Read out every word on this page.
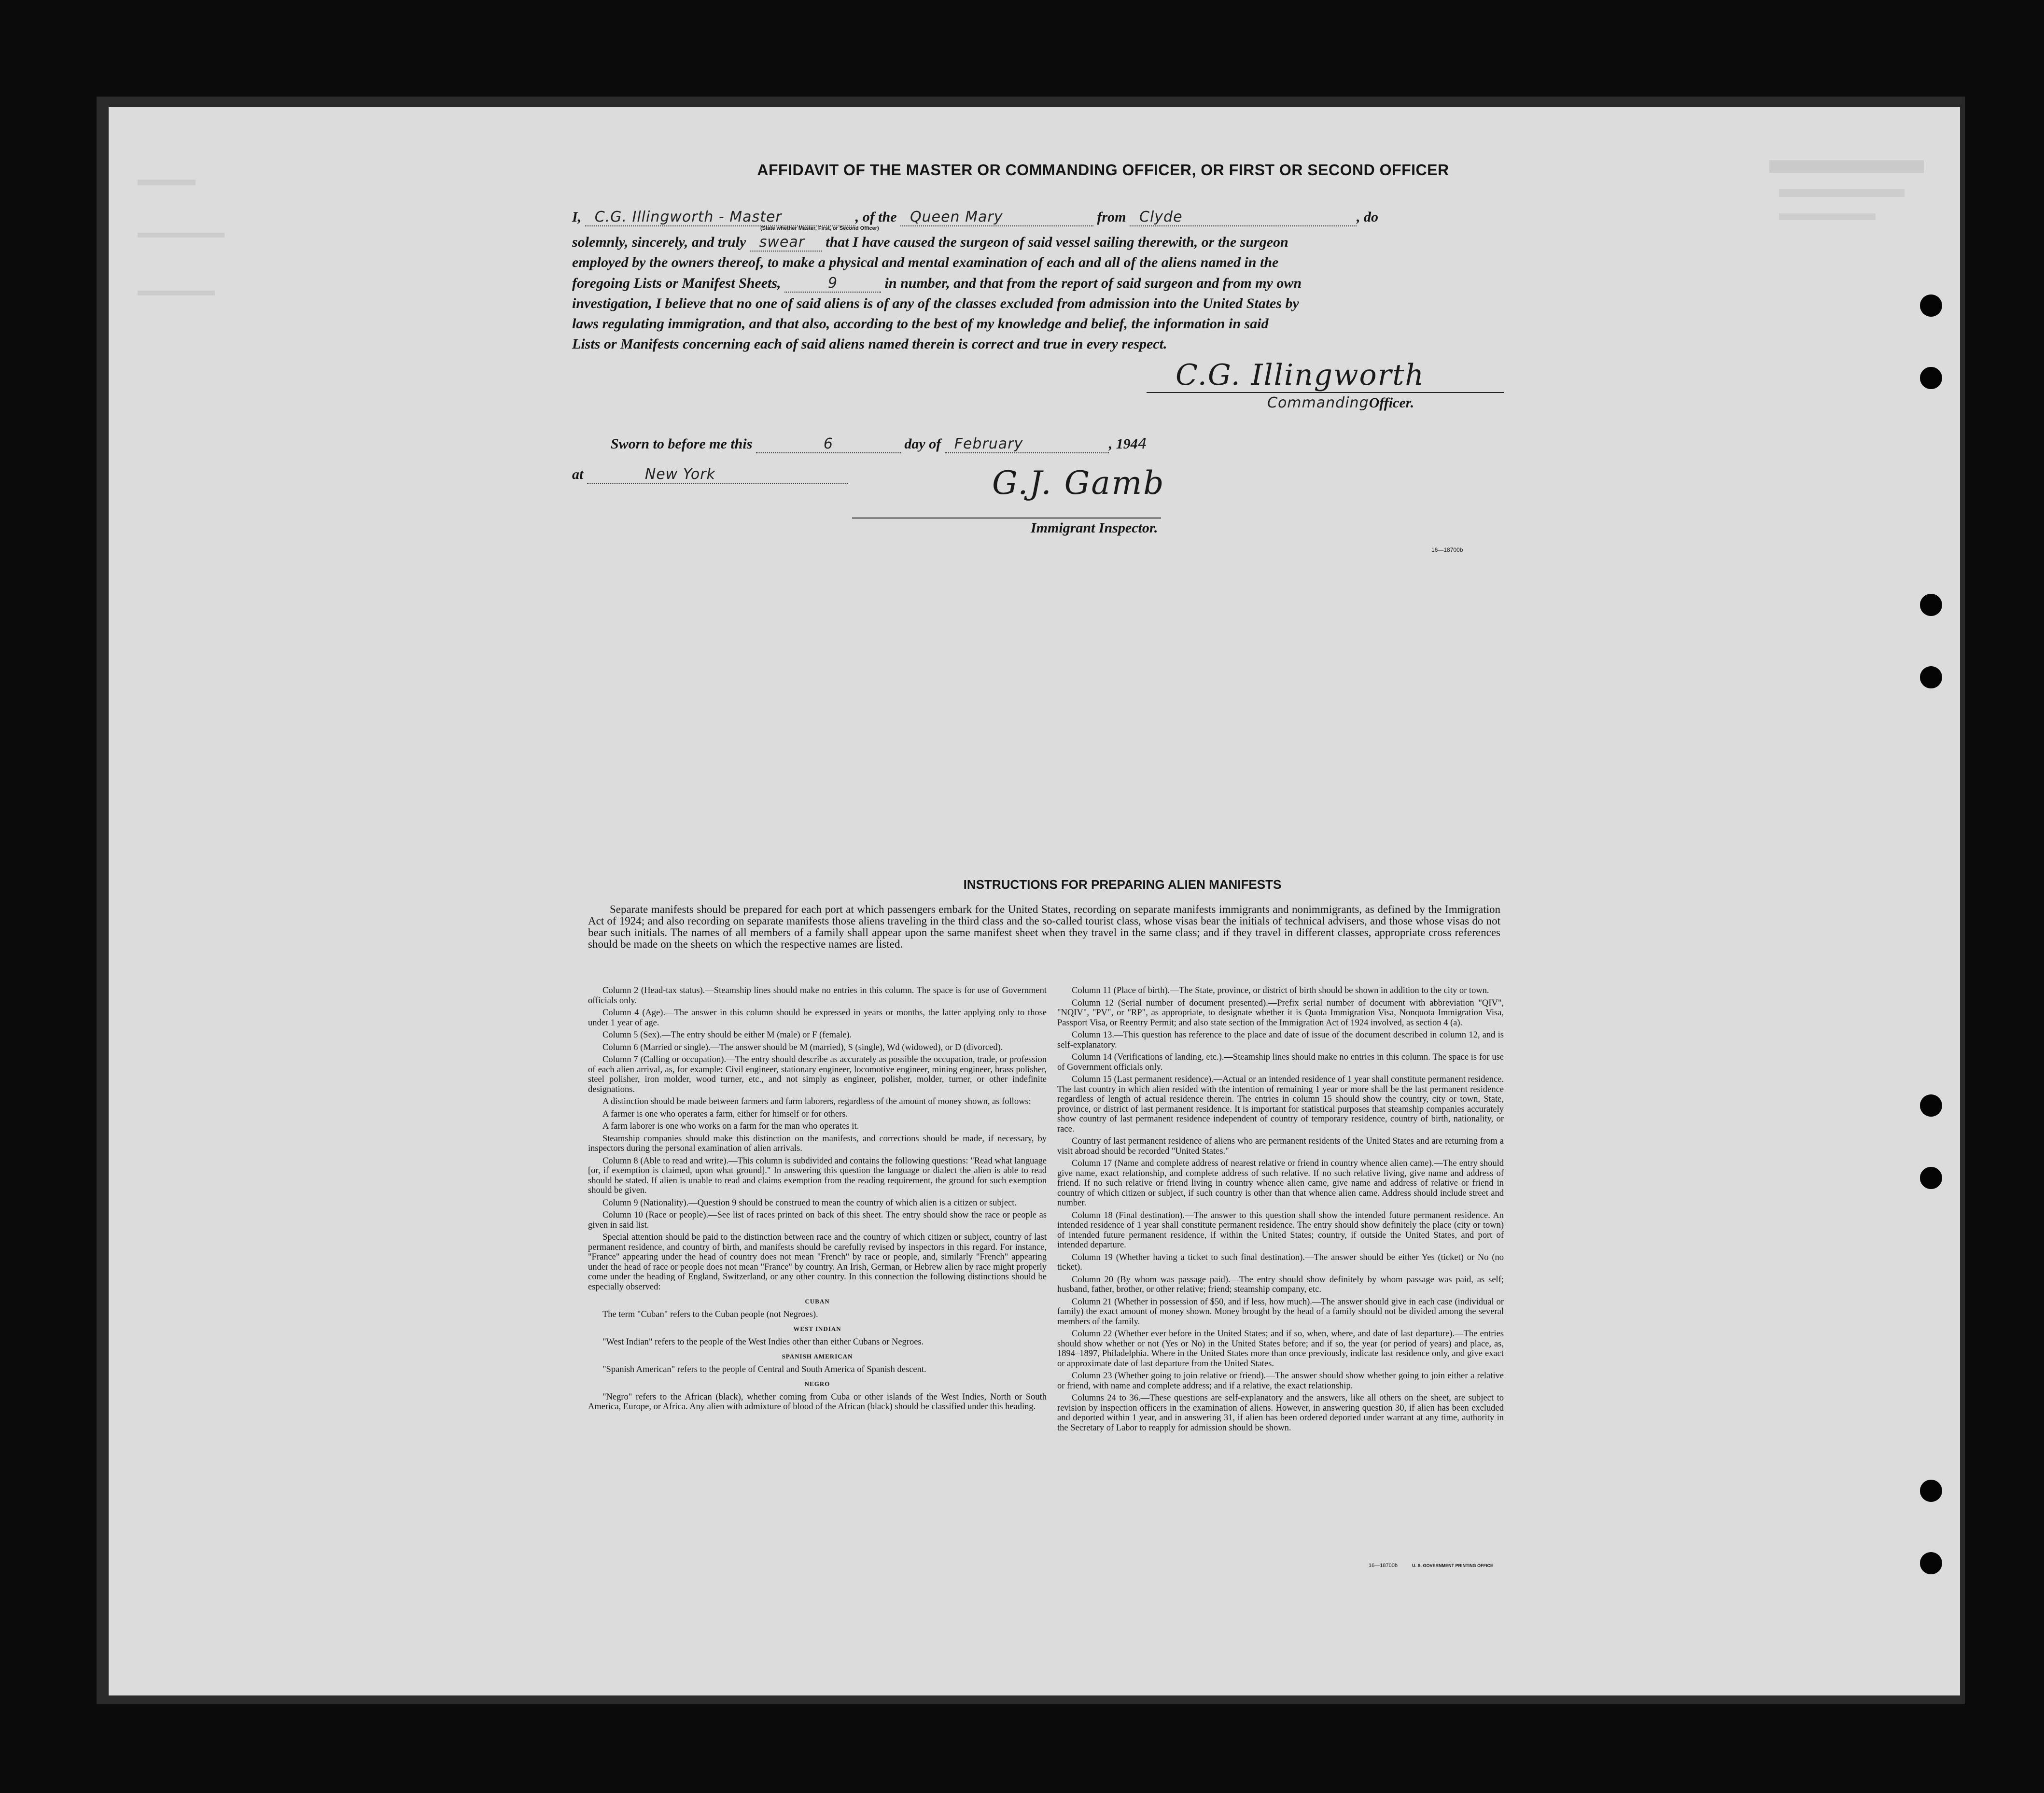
AFFIDAVIT OF THE MASTER OR COMMANDING OFFICER, OR FIRST OR SECOND OFFICER
I, C.G. Illingworth - Master	, of the Queen Mary	from Clyde	, do
(State whether Master, First, or Second Officer)
solemnly, sincerely, and truly swear that I have caused the surgeon of said vessel sailing therewith, or the surgeon
employed by the owners thereof, to make a physical and mental examination of each and all of the aliens named in the
foregoing Lists or Manifest Sheets,	9	in number, and that from the report of said surgeon and from my own
investigation, I believe that no one of said aliens is of any of the classes excluded from admission into the United States by
laws regulating immigration, and that also, according to the best of my knowledge and belief, the information in said
Lists or Manifests concerning each of said aliens named therein is correct and true in every respect.
C.G. Illingworth
CommandingOfficer.
Sworn to before me this	6	day of February	, 1944
at	New York	G.J. Gamb
Immigrant Inspector.
16—18700b
INSTRUCTIONS FOR PREPARING ALIEN MANIFESTS
Separate manifests should be prepared for each port at which passengers embark for the United States, recording on separate manifests immigrants and nonimmigrants, as defined by the Immigration Act of 1924; and also recording on separate manifests those aliens traveling in the third class and the so-called tourist class, whose visas bear the initials of technical advisers, and those whose visas do not bear such initials. The names of all members of a family shall appear upon the same manifest sheet when they travel in the same class; and if they travel in different classes, appropriate cross references should be made on the sheets on which the respective names are listed.

Column 2 (Head-tax status).—Steamship lines should make no entries in this column. The space is for use of Government officials only.

Column 4 (Age).—The answer in this column should be expressed in years or months, the latter applying only to those under 1 year of age.

Column 5 (Sex).—The entry should be either M (male) or F (female).

Column 6 (Married or single).—The answer should be M (married), S (single), Wd (widowed), or D (divorced).

Column 7 (Calling or occupation).—The entry should describe as accurately as possible the occupation, trade, or profession of each alien arrival, as, for example: Civil engineer, stationary engineer, locomotive engineer, mining engineer, brass polisher, steel polisher, iron molder, wood turner, etc., and not simply as engineer, polisher, molder, turner, or other indefinite designations.

A distinction should be made between farmers and farm laborers, regardless of the amount of money shown, as follows:

A farmer is one who operates a farm, either for himself or for others.

A farm laborer is one who works on a farm for the man who operates it.

Steamship companies should make this distinction on the manifests, and corrections should be made, if necessary, by inspectors during the personal examination of alien arrivals.

Column 8 (Able to read and write).—This column is subdivided and contains the following questions: "Read what language [or, if exemption is claimed, upon what ground]." In answering this question the language or dialect the alien is able to read should be stated. If alien is unable to read and claims exemption from the reading requirement, the ground for such exemption should be given.

Column 9 (Nationality).—Question 9 should be construed to mean the country of which alien is a citizen or subject.

Column 10 (Race or people).—See list of races printed on back of this sheet. The entry should show the race or people as given in said list.

Special attention should be paid to the distinction between race and the country of which citizen or subject, country of last permanent residence, and country of birth, and manifests should be carefully revised by inspectors in this regard. For instance, "France" appearing under the head of country does not mean "French" by race or people, and, similarly "French" appearing under the head of race or people does not mean "France" by country. An Irish, German, or Hebrew alien by race might properly come under the heading of England, Switzerland, or any other country. In this connection the following distinctions should be especially observed:

CUBAN

The term "Cuban" refers to the Cuban people (not Negroes).

WEST INDIAN

"West Indian" refers to the people of the West Indies other than either Cubans or Negroes.

SPANISH AMERICAN

"Spanish American" refers to the people of Central and South America of Spanish descent.

NEGRO

"Negro" refers to the African (black), whether coming from Cuba or other islands of the West Indies, North or South America, Europe, or Africa. Any alien with admixture of blood of the African (black) should be classified under this heading.

Column 11 (Place of birth).—The State, province, or district of birth should be shown in addition to the city or town.

Column 12 (Serial number of document presented).—Prefix serial number of document with abbreviation "QIV", "NQIV", "PV", or "RP", as appropriate, to designate whether it is Quota Immigration Visa, Nonquota Immigration Visa, Passport Visa, or Reentry Permit; and also state section of the Immigration Act of 1924 involved, as section 4 (a).

Column 13.—This question has reference to the place and date of issue of the document described in column 12, and is self-explanatory.

Column 14 (Verifications of landing, etc.).—Steamship lines should make no entries in this column. The space is for use of Government officials only.

Column 15 (Last permanent residence).—Actual or an intended residence of 1 year shall constitute permanent residence. The last country in which alien resided with the intention of remaining 1 year or more shall be the last permanent residence regardless of length of actual residence therein. The entries in column 15 should show the country, city or town, State, province, or district of last permanent residence. It is important for statistical purposes that steamship companies accurately show country of last permanent residence independent of country of temporary residence, country of birth, nationality, or race.

Country of last permanent residence of aliens who are permanent residents of the United States and are returning from a visit abroad should be recorded "United States."

Column 17 (Name and complete address of nearest relative or friend in country whence alien came).—The entry should give name, exact relationship, and complete address of such relative. If no such relative living, give name and address of friend. If no such relative or friend living in country whence alien came, give name and address of relative or friend in country of which citizen or subject, if such country is other than that whence alien came. Address should include street and number.

Column 18 (Final destination).—The answer to this question shall show the intended future permanent residence. An intended residence of 1 year shall constitute permanent residence. The entry should show definitely the place (city or town) of intended future permanent residence, if within the United States; country, if outside the United States, and port of intended departure.

Column 19 (Whether having a ticket to such final destination).—The answer should be either Yes (ticket) or No (no ticket).

Column 20 (By whom was passage paid).—The entry should show definitely by whom passage was paid, as self; husband, father, brother, or other relative; friend; steamship company, etc.

Column 21 (Whether in possession of $50, and if less, how much).—The answer should give in each case (individual or family) the exact amount of money shown. Money brought by the head of a family should not be divided among the several members of the family.

Column 22 (Whether ever before in the United States; and if so, when, where, and date of last departure).—The entries should show whether or not (Yes or No) in the United States before; and if so, the year (or period of years) and place, as, 1894–1897, Philadelphia. Where in the United States more than once previously, indicate last residence only, and give exact or approximate date of last departure from the United States.

Column 23 (Whether going to join relative or friend).—The answer should show whether going to join either a relative or friend, with name and complete address; and if a relative, the exact relationship.

Columns 24 to 36.—These questions are self-explanatory and the answers, like all others on the sheet, are subject to revision by inspection officers in the examination of aliens. However, in answering question 30, if alien has been excluded and deported within 1 year, and in answering 31, if alien has been ordered deported under warrant at any time, authority in the Secretary of Labor to reapply for admission should be shown.

16—18700b	U. S. GOVERNMENT PRINTING OFFICE
